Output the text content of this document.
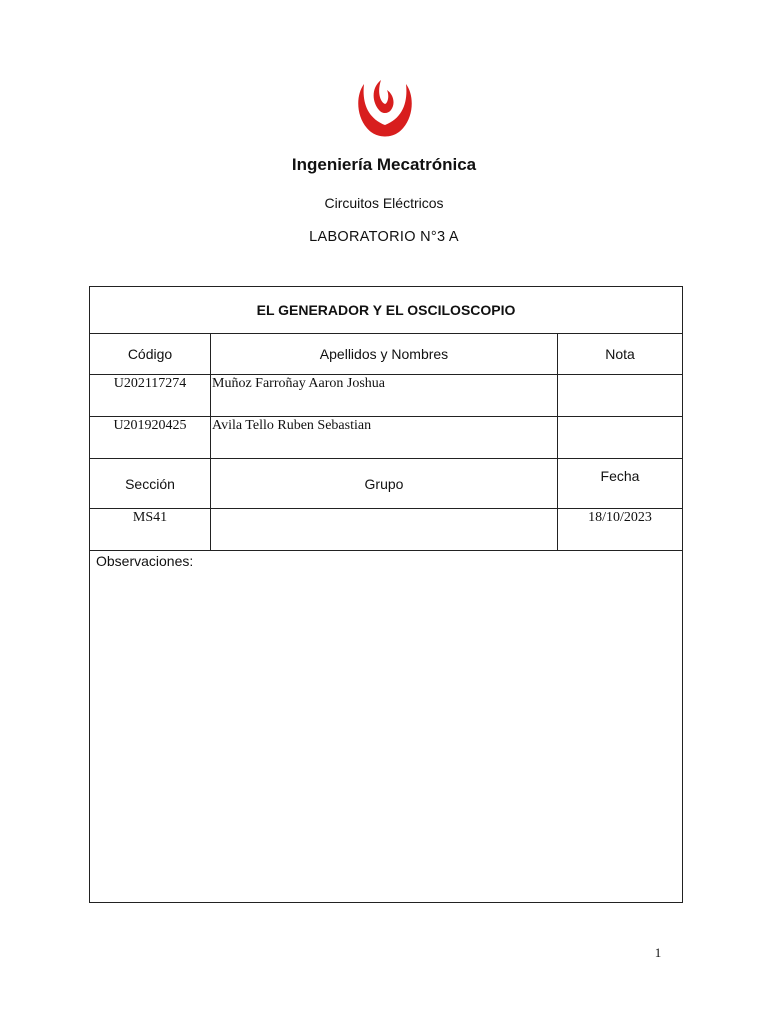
Ingeniería Mecatrónica
Circuitos Eléctricos
LABORATORIO N°3 A
EL GENERADOR Y EL OSCILOSCOPIO		
Código	Apellidos y Nombres	Nota
U202117274	Muñoz Farroñay Aaron Joshua	
U201920425	Avila Tello Ruben Sebastian	
Sección	Grupo	Fecha
MS41		18/10/2023
Observaciones:		
1
